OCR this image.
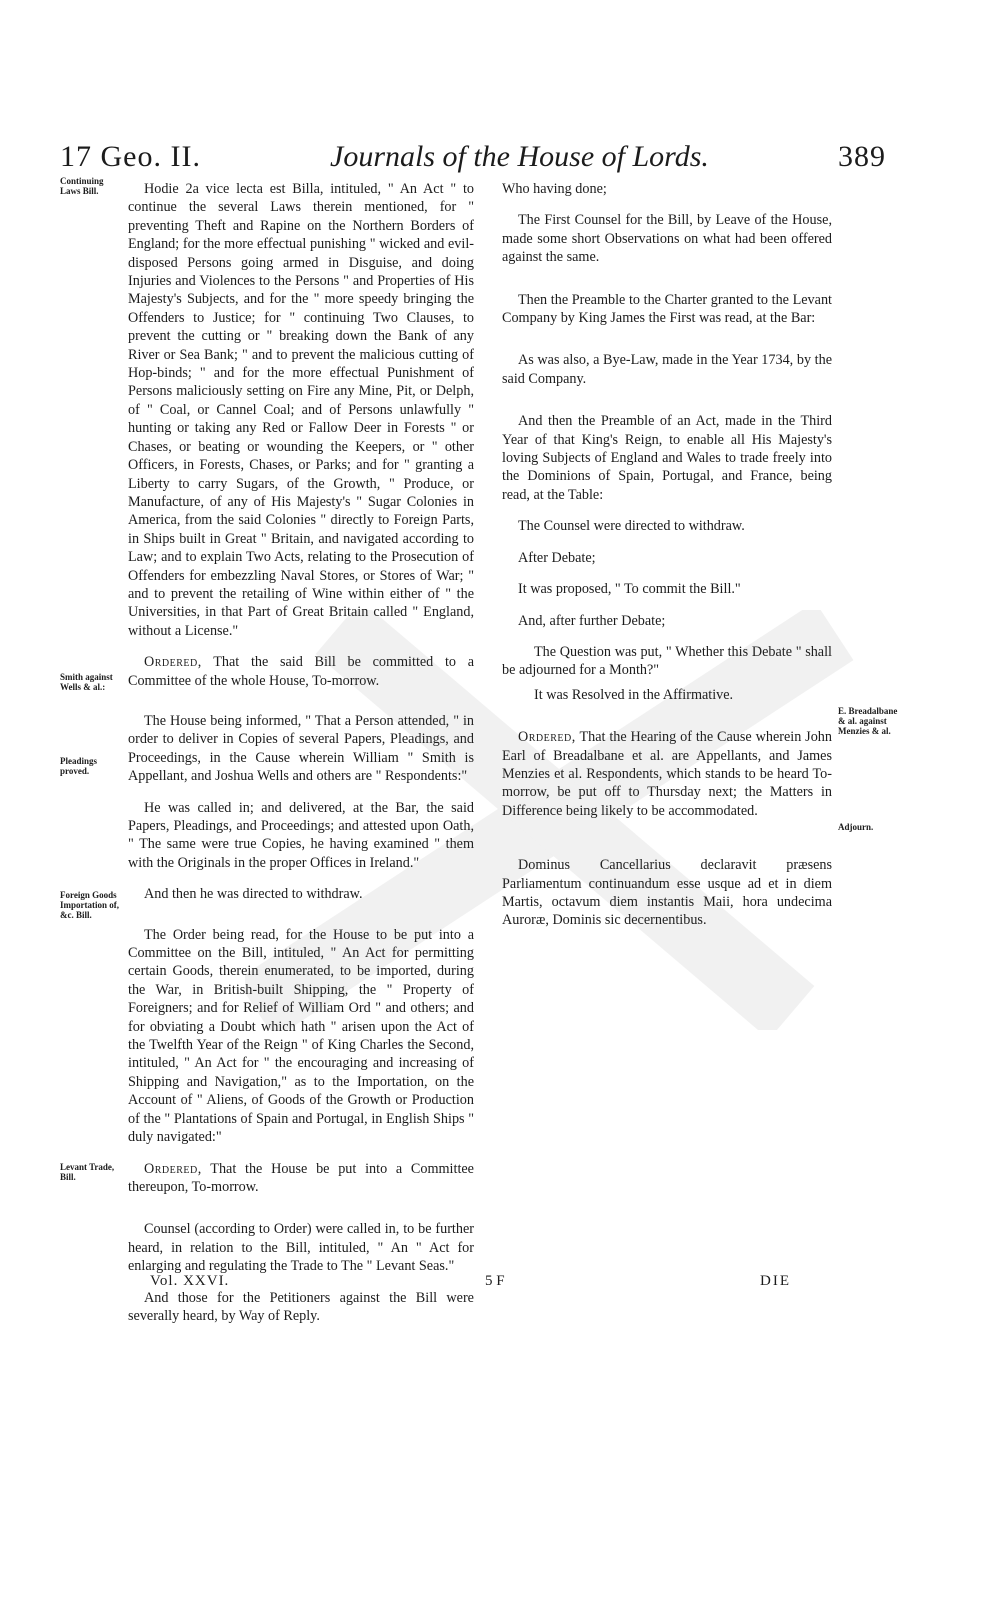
17 Geo. II.	Journals of the House of Lords.	389
Continuing Laws Bill.
Smith against Wells & al.:
Pleadings proved.
Foreign Goods Importation of, &c. Bill.
Levant Trade, Bill.
E. Breadalbane & al. against Menzies & al.
Adjourn.

Hodie 2a vice lecta est Billa, intituled, " An Act " to continue the several Laws therein mentioned, for " preventing Theft and Rapine on the Northern Borders of England; for the more effectual punishing " wicked and evil-disposed Persons going armed in Disguise, and doing Injuries and Violences to the Persons " and Properties of His Majesty's Subjects, and for the " more speedy bringing the Offenders to Justice; for " continuing Two Clauses, to prevent the cutting or " breaking down the Bank of any River or Sea Bank; " and to prevent the malicious cutting of Hop-binds; " and for the more effectual Punishment of Persons maliciously setting on Fire any Mine, Pit, or Delph, of " Coal, or Cannel Coal; and of Persons unlawfully " hunting or taking any Red or Fallow Deer in Forests " or Chases, or beating or wounding the Keepers, or " other Officers, in Forests, Chases, or Parks; and for " granting a Liberty to carry Sugars, of the Growth, " Produce, or Manufacture, of any of His Majesty's " Sugar Colonies in America, from the said Colonies " directly to Foreign Parts, in Ships built in Great " Britain, and navigated according to Law; and to explain Two Acts, relating to the Prosecution of Offenders for embezzling Naval Stores, or Stores of War; " and to prevent the retailing of Wine within either of " the Universities, in that Part of Great Britain called " England, without a License."

Ordered, That the said Bill be committed to a Committee of the whole House, To-morrow.

The House being informed, " That a Person attended, " in order to deliver in Copies of several Papers, Pleadings, and Proceedings, in the Cause wherein William " Smith is Appellant, and Joshua Wells and others are " Respondents:"

He was called in; and delivered, at the Bar, the said Papers, Pleadings, and Proceedings; and attested upon Oath, " The same were true Copies, he having examined " them with the Originals in the proper Offices in Ireland."

And then he was directed to withdraw.

The Order being read, for the House to be put into a Committee on the Bill, intituled, " An Act for permitting certain Goods, therein enumerated, to be imported, during the War, in British-built Shipping, the " Property of Foreigners; and for Relief of William Ord " and others; and for obviating a Doubt which hath " arisen upon the Act of the Twelfth Year of the Reign " of King Charles the Second, intituled, " An Act for " the encouraging and increasing of Shipping and Navigation," as to the Importation, on the Account of " Aliens, of Goods of the Growth or Production of the " Plantations of Spain and Portugal, in English Ships " duly navigated:"

Ordered, That the House be put into a Committee thereupon, To-morrow.

Counsel (according to Order) were called in, to be further heard, in relation to the Bill, intituled, " An " Act for enlarging and regulating the Trade to The " Levant Seas."

And those for the Petitioners against the Bill were severally heard, by Way of Reply.

Who having done;

The First Counsel for the Bill, by Leave of the House, made some short Observations on what had been offered against the same.

Then the Preamble to the Charter granted to the Levant Company by King James the First was read, at the Bar:

As was also, a Bye-Law, made in the Year 1734, by the said Company.

And then the Preamble of an Act, made in the Third Year of that King's Reign, to enable all His Majesty's loving Subjects of England and Wales to trade freely into the Dominions of Spain, Portugal, and France, being read, at the Table:

The Counsel were directed to withdraw.

After Debate;

It was proposed, " To commit the Bill."

And, after further Debate;

The Question was put, " Whether this Debate " shall be adjourned for a Month?"

It was Resolved in the Affirmative.

Ordered, That the Hearing of the Cause wherein John Earl of Breadalbane et al. are Appellants, and James Menzies et al. Respondents, which stands to be heard To-morrow, be put off to Thursday next; the Matters in Difference being likely to be accommodated.

Dominus Cancellarius declaravit præsens Parliamentum continuandum esse usque ad et in diem Martis, octavum diem instantis Maii, hora undecima Auroræ, Dominis sic decernentibus.

Vol. XXVI.	5 F	DIE
